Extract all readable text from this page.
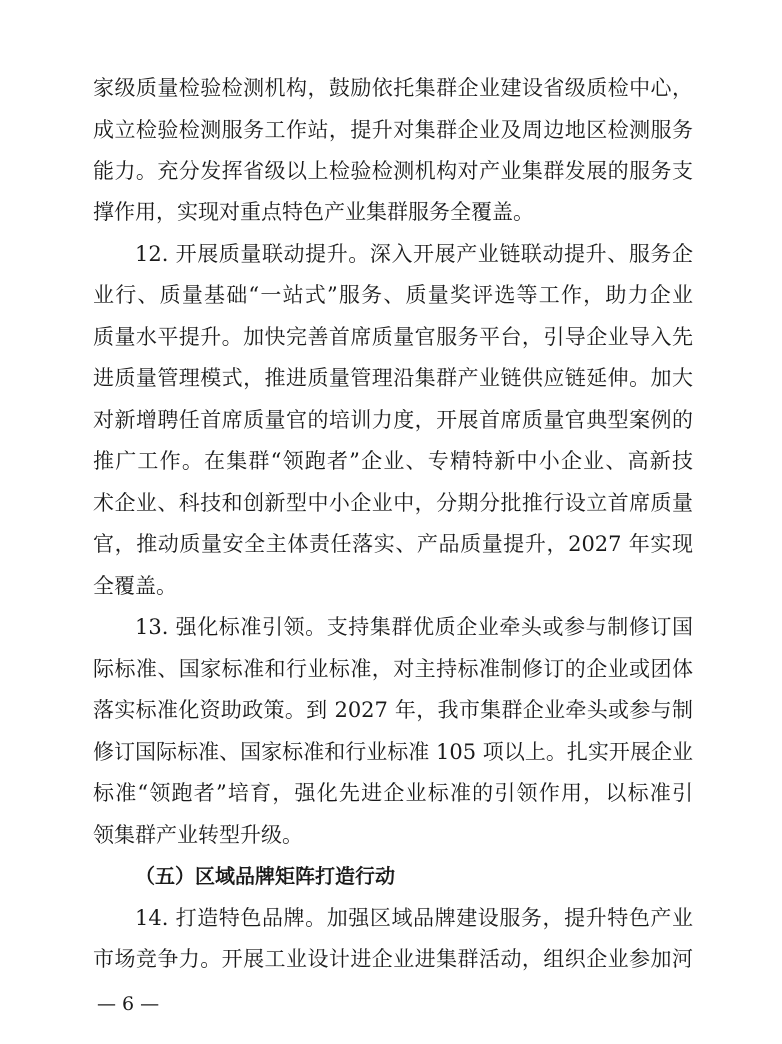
家级质量检验检测机构，鼓励依托集群企业建设省级质检中心，
成立检验检测服务工作站，提升对集群企业及周边地区检测服务
能力。充分发挥省级以上检验检测机构对产业集群发展的服务支
撑作用，实现对重点特色产业集群服务全覆盖。
12. 开展质量联动提升。深入开展产业链联动提升、服务企
业行、质量基础“一站式”服务、质量奖评选等工作，助力企业
质量水平提升。加快完善首席质量官服务平台，引导企业导入先
进质量管理模式，推进质量管理沿集群产业链供应链延伸。加大
对新增聘任首席质量官的培训力度，开展首席质量官典型案例的
推广工作。在集群“领跑者”企业、专精特新中小企业、高新技
术企业、科技和创新型中小企业中，分期分批推行设立首席质量
官，推动质量安全主体责任落实、产品质量提升，2027 年实现
全覆盖。
13. 强化标准引领。支持集群优质企业牵头或参与制修订国
际标准、国家标准和行业标准，对主持标准制修订的企业或团体
落实标准化资助政策。到 2027 年，我市集群企业牵头或参与制
修订国际标准、国家标准和行业标准 105 项以上。扎实开展企业
标准“领跑者”培育，强化先进企业标准的引领作用，以标准引
领集群产业转型升级。
（五）区域品牌矩阵打造行动
14. 打造特色品牌。加强区域品牌建设服务，提升特色产业
市场竞争力。开展工业设计进企业进集群活动，组织企业参加河
— 6 —
